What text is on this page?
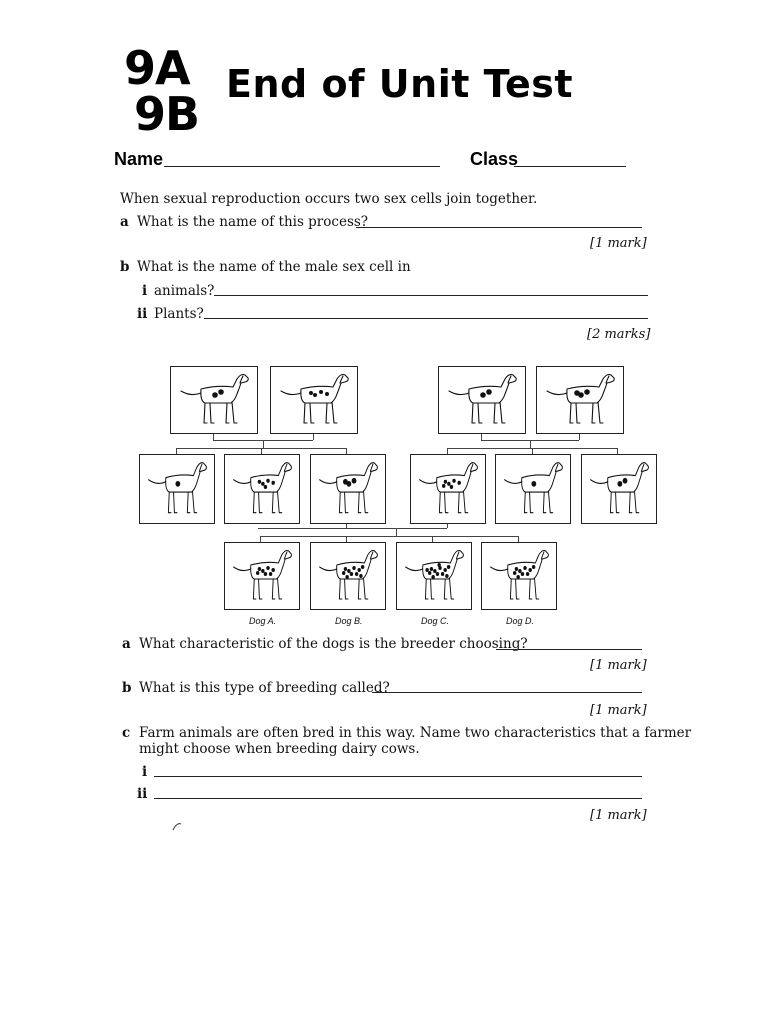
9A
9B
End of Unit Test
Name	Class
When sexual reproduction occurs two sex cells join together.
a What is the name of this process?
[1 mark]
b What is the name of the male sex cell in
i animals?
ii Plants?
[2 marks]
Dog A.	Dog B.	Dog C.	Dog D.
a What characteristic of the dogs is the breeder choosing?
[1 mark]
b What is this type of breeding called?
[1 mark]
c Farm animals are often bred in this way. Name two characteristics that a farmer
might choose when breeding dairy cows.
i
ii
[1 mark]
